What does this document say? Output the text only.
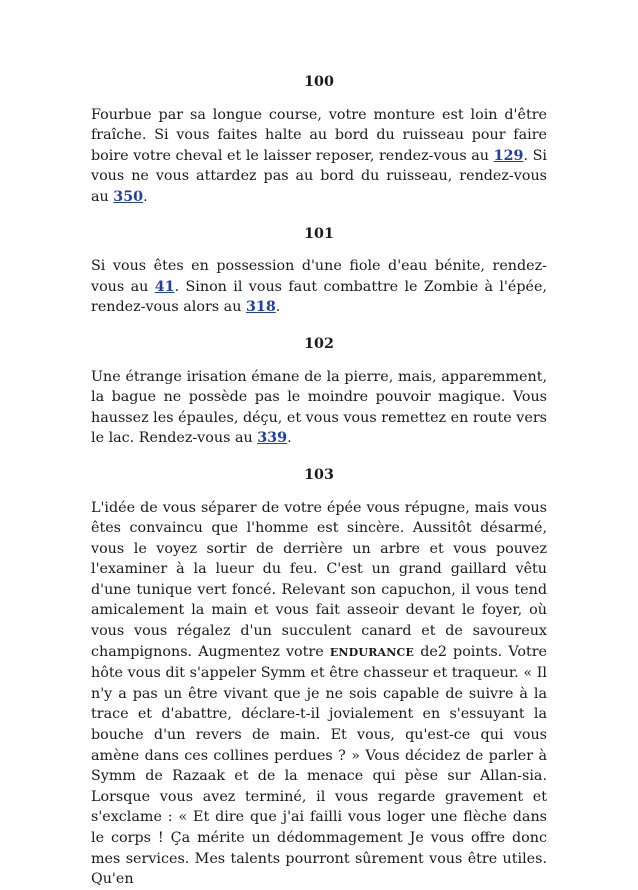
100

Fourbue par sa longue course, votre monture est loin d'être fraîche. Si vous faites halte au bord du ruisseau pour faire boire votre cheval et le laisser reposer, rendez-vous au 129. Si vous ne vous attardez pas au bord du ruisseau, rendez-vous au 350.

101

Si vous êtes en possession d'une fiole d'eau bénite, rendez-vous au 41. Sinon il vous faut combattre le Zombie à l'épée, rendez-vous alors au 318.

102

Une étrange irisation émane de la pierre, mais, apparemment, la bague ne possède pas le moindre pouvoir magique. Vous haussez les épaules, déçu, et vous vous remettez en route vers le lac. Rendez-vous au 339.

103

L'idée de vous séparer de votre épée vous répugne, mais vous êtes convaincu que l'homme est sincère. Aussitôt désarmé, vous le voyez sortir de derrière un arbre et vous pouvez l'examiner à la lueur du feu. C'est un grand gaillard vêtu d'une tunique vert foncé. Relevant son capuchon, il vous tend amicalement la main et vous fait asseoir devant le foyer, où vous vous régalez d'un succulent canard et de savoureux champignons. Augmentez votre ENDURANCE de2 points. Votre hôte vous dit s'appeler Symm et être chasseur et traqueur. « Il n'y a pas un être vivant que je ne sois capable de suivre à la trace et d'abattre, déclare-t-il jovialement en s'essuyant la bouche d'un revers de main. Et vous, qu'est-ce qui vous amène dans ces collines perdues ? » Vous décidez de parler à Symm de Razaak et de la menace qui pèse sur Allan-sia. Lorsque vous avez terminé, il vous regarde gravement et s'exclame : « Et dire que j'ai failli vous loger une flèche dans le corps ! Ça mérite un dédommagement Je vous offre donc mes services. Mes talents pourront sûrement vous être utiles. Qu'en
